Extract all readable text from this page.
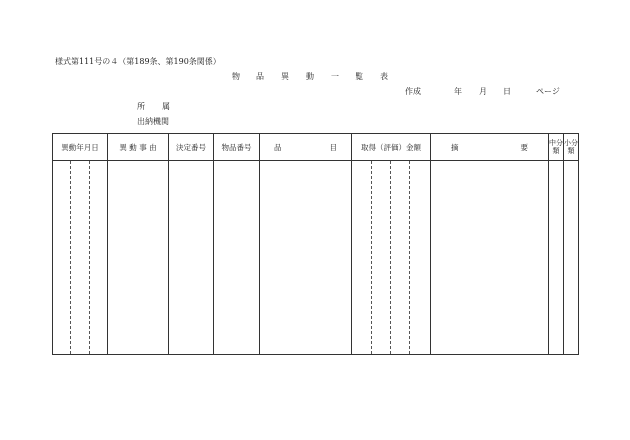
様式第111号の４（第189条、第190条関係）
物 品 異 動 一 覧 表
作成	年 月 日	ページ
所 属
出納機関
異動年月日	異 動 事 由	決定番号	物品番号	品 目	取得（評価）金額	摘 要	中分類	小分類
